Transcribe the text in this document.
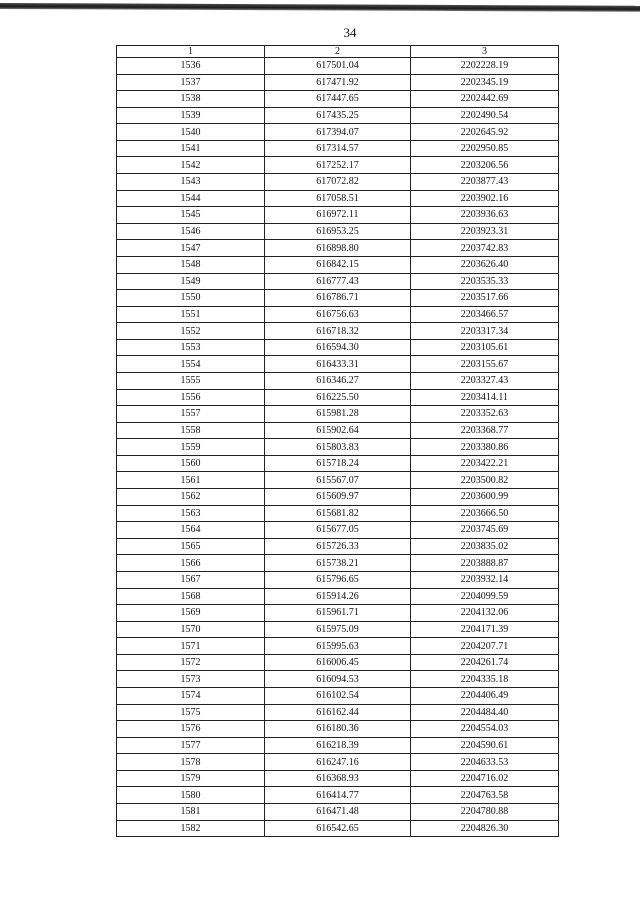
34
1	2	3
1536	617501.04	2202228.19
1537	617471.92	2202345.19
1538	617447.65	2202442.69
1539	617435.25	2202490.54
1540	617394.07	2202645.92
1541	617314.57	2202950.85
1542	617252.17	2203206.56
1543	617072.82	2203877.43
1544	617058.51	2203902.16
1545	616972.11	2203936.63
1546	616953.25	2203923.31
1547	616898.80	2203742.83
1548	616842.15	2203626.40
1549	616777.43	2203535.33
1550	616786.71	2203517.66
1551	616756.63	2203466.57
1552	616718.32	2203317.34
1553	616594.30	2203105.61
1554	616433.31	2203155.67
1555	616346.27	2203327.43
1556	616225.50	2203414.11
1557	615981.28	2203352.63
1558	615902.64	2203368.77
1559	615803.83	2203380.86
1560	615718.24	2203422.21
1561	615567.07	2203500.82
1562	615609.97	2203600.99
1563	615681.82	2203666.50
1564	615677.05	2203745.69
1565	615726.33	2203835.02
1566	615738.21	2203888.87
1567	615796.65	2203932.14
1568	615914.26	2204099.59
1569	615961.71	2204132.06
1570	615975.09	2204171.39
1571	615995.63	2204207.71
1572	616006.45	2204261.74
1573	616094.53	2204335.18
1574	616102.54	2204406.49
1575	616162.44	2204484.40
1576	616180.36	2204554.03
1577	616218.39	2204590.61
1578	616247.16	2204633.53
1579	616368.93	2204716.02
1580	616414.77	2204763.58
1581	616471.48	2204780.88
1582	616542.65	2204826.30
